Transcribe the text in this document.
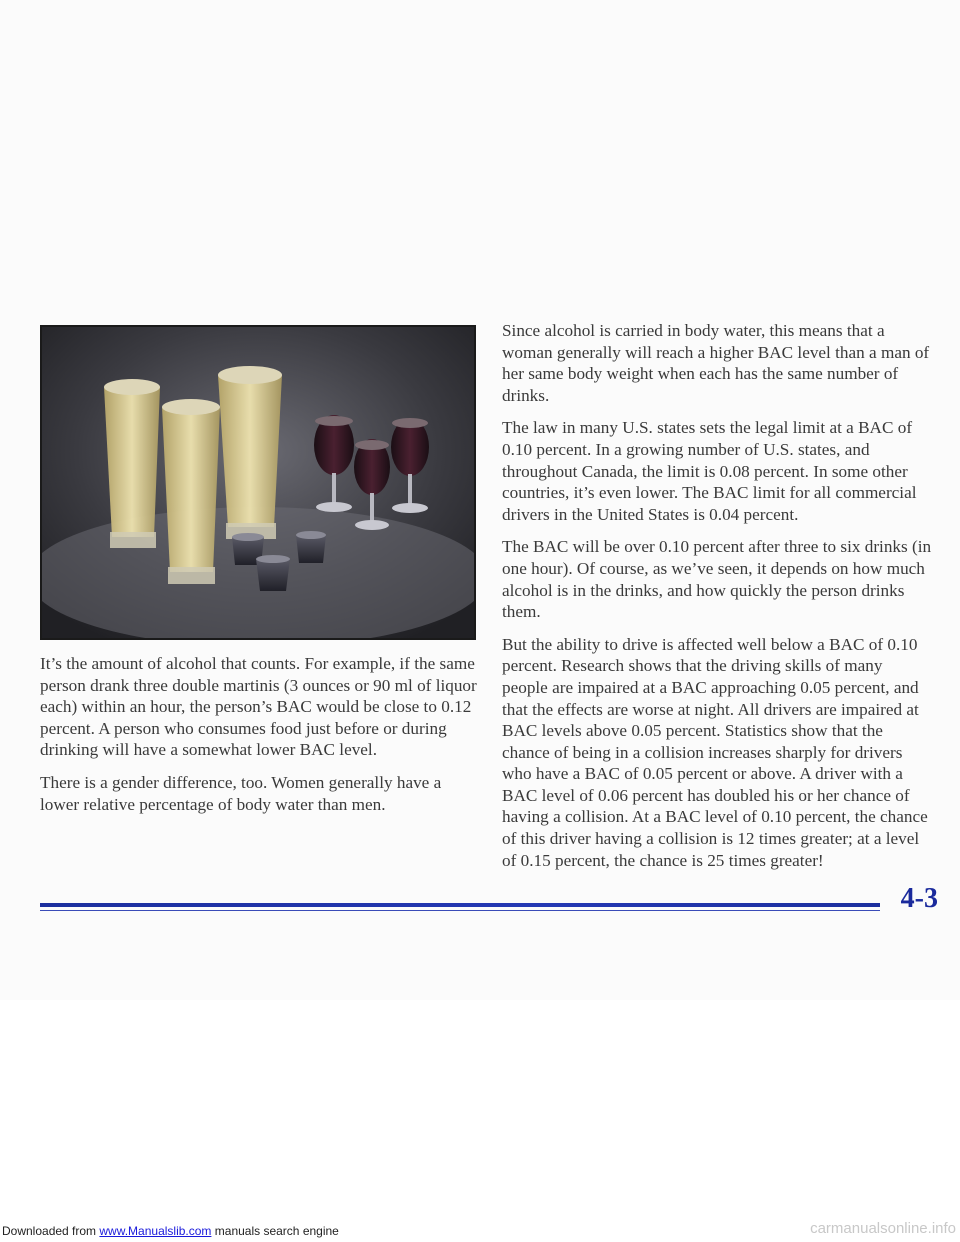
It’s the amount of alcohol that counts. For example, if the same person drank three double martinis (3 ounces or 90 ml of liquor each) within an hour, the person’s BAC would be close to 0.12 percent. A person who consumes food just before or during drinking will have a somewhat lower BAC level.

There is a gender difference, too. Women generally have a lower relative percentage of body water than men.

Since alcohol is carried in body water, this means that a woman generally will reach a higher BAC level than a man of her same body weight when each has the same number of drinks.

The law in many U.S. states sets the legal limit at a BAC of 0.10 percent. In a growing number of U.S. states, and throughout Canada, the limit is 0.08 percent. In some other countries, it’s even lower. The BAC limit for all commercial drivers in the United States is 0.04 percent.

The BAC will be over 0.10 percent after three to six drinks (in one hour). Of course, as we’ve seen, it depends on how much alcohol is in the drinks, and how quickly the person drinks them.

But the ability to drive is affected well below a BAC of 0.10 percent. Research shows that the driving skills of many people are impaired at a BAC approaching 0.05 percent, and that the effects are worse at night. All drivers are impaired at BAC levels above 0.05 percent. Statistics show that the chance of being in a collision increases sharply for drivers who have a BAC of 0.05 percent or above. A driver with a BAC level of 0.06 percent has doubled his or her chance of having a collision. At a BAC level of 0.10 percent, the chance of this driver having a collision is 12 times greater; at a level of 0.15 percent, the chance is 25 times greater!

4-3
Downloaded from www.Manualslib.com manuals search engine	carmanualsonline.info
